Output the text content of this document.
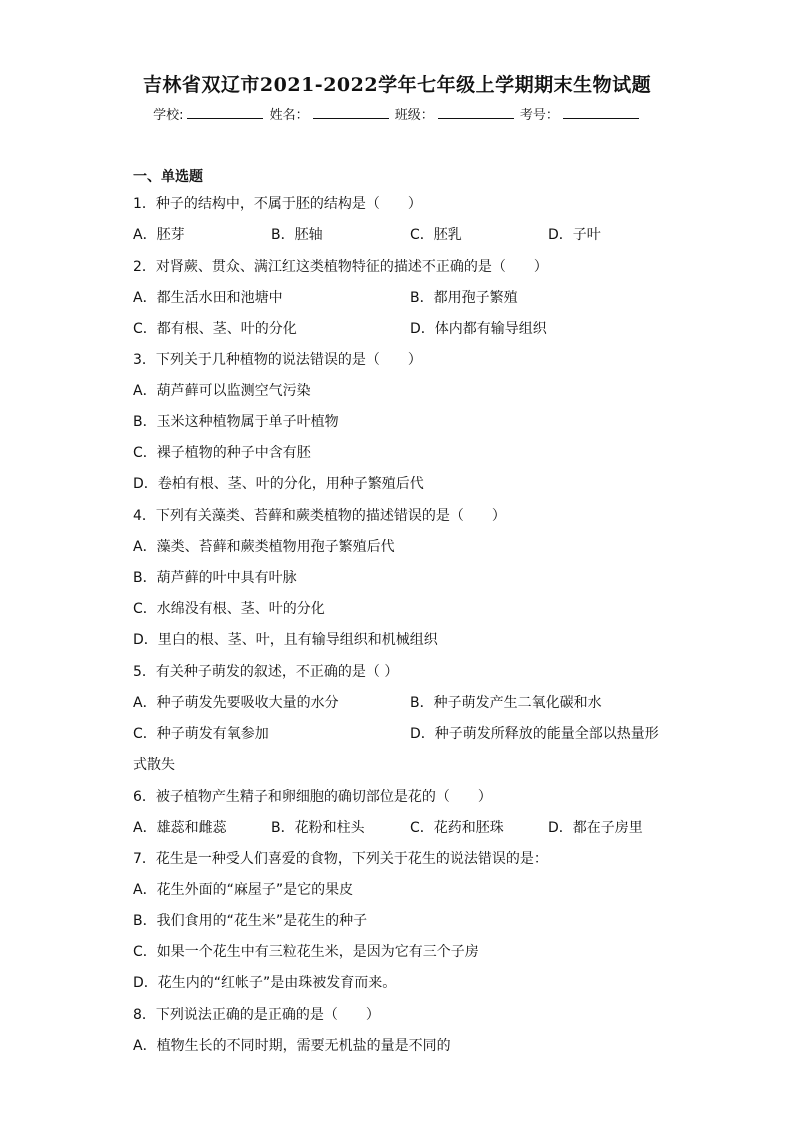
吉林省双辽市2021-2022学年七年级上学期期末生物试题
学校:	姓名：	班级：	考号：
一、单选题
1．种子的结构中，不属于胚的结构是（　　）
A．胚芽	B．胚轴	C．胚乳	D．子叶
2．对肾蕨、贯众、满江红这类植物特征的描述不正确的是（　　）
A．都生活水田和池塘中	B．都用孢子繁殖
C．都有根、茎、叶的分化	D．体内都有输导组织
3．下列关于几种植物的说法错误的是（　　）
A．葫芦藓可以监测空气污染
B．玉米这种植物属于单子叶植物
C．裸子植物的种子中含有胚
D．卷柏有根、茎、叶的分化，用种子繁殖后代
4．下列有关藻类、苔藓和蕨类植物的描述错误的是（　　）
A．藻类、苔藓和蕨类植物用孢子繁殖后代
B．葫芦藓的叶中具有叶脉
C．水绵没有根、茎、叶的分化
D．里白的根、茎、叶，且有输导组织和机械组织
5．有关种子萌发的叙述，不正确的是（ ）
A．种子萌发先要吸收大量的水分	B．种子萌发产生二氧化碳和水
C．种子萌发有氧参加	D．种子萌发所释放的能量全部以热量形
式散失
6．被子植物产生精子和卵细胞的确切部位是花的（　　）
A．雄蕊和雌蕊	B．花粉和柱头	C．花药和胚珠	D．都在子房里
7．花生是一种受人们喜爱的食物，下列关于花生的说法错误的是：
A．花生外面的“麻屋子”是它的果皮
B．我们食用的“花生米”是花生的种子
C．如果一个花生中有三粒花生米，是因为它有三个子房
D．花生内的“红帐子”是由珠被发育而来。
8．下列说法正确的是正确的是（　　）
A．植物生长的不同时期，需要无机盐的量是不同的
